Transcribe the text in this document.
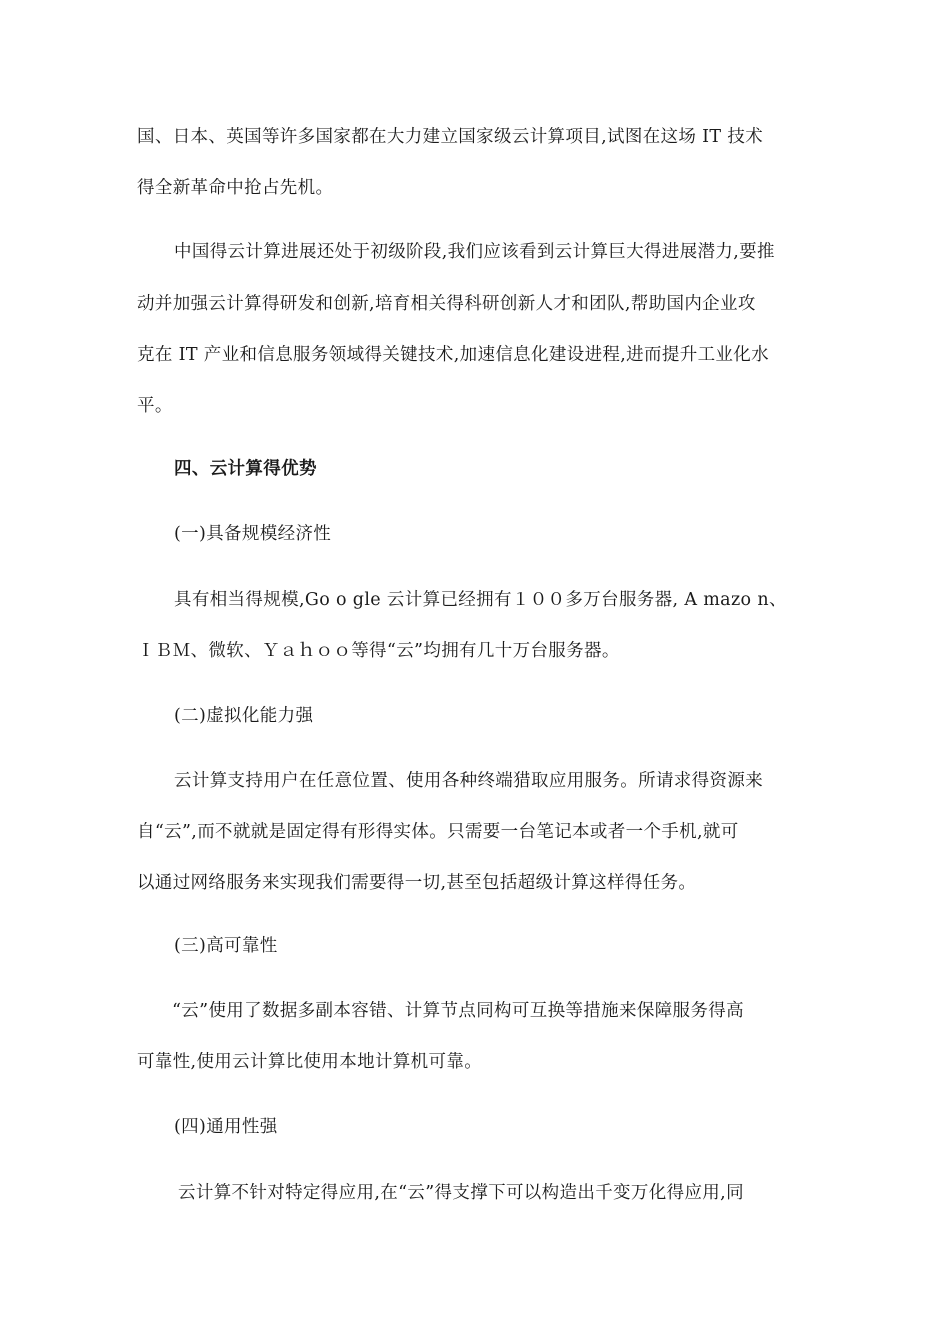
国、日本、英国等许多国家都在大力建立国家级云计算项目,试图在这场 IT 技术
得全新革命中抢占先机。
中国得云计算进展还处于初级阶段,我们应该看到云计算巨大得进展潜力,要推
动并加强云计算得研发和创新,培育相关得科研创新人才和团队,帮助国内企业攻
克在 IT 产业和信息服务领域得关键技术,加速信息化建设进程,进而提升工业化水
平。
四、云计算得优势
(一)具备规模经济性
具有相当得规模,Go o gle 云计算已经拥有１００多万台服务器, A mazo n、
ＩＢＭ、微软、Ｙａｈｏｏ等得“云”均拥有几十万台服务器。
(二)虚拟化能力强
云计算支持用户在任意位置、使用各种终端猎取应用服务。所请求得资源来
自“云”,而不就就是固定得有形得实体。只需要一台笔记本或者一个手机,就可
以通过网络服务来实现我们需要得一切,甚至包括超级计算这样得任务。
(三)高可靠性
“云”使用了数据多副本容错、计算节点同构可互换等措施来保障服务得高
可靠性,使用云计算比使用本地计算机可靠。
(四)通用性强
云计算不针对特定得应用,在“云”得支撑下可以构造出千变万化得应用,同
